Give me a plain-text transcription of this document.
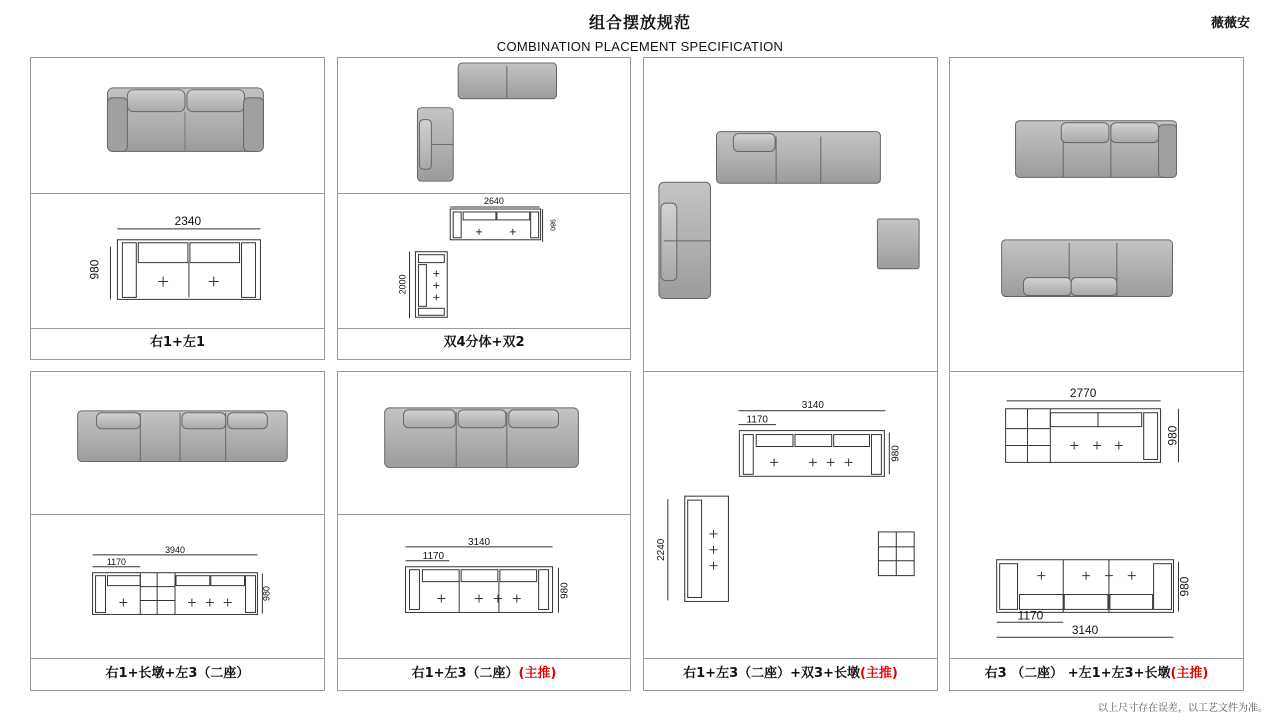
组合摆放规范
COMBINATION PLACEMENT SPECIFICATION
薇薇安
2340
980
右1+左1
2640
980
2000
双4分体+双2
3140
1170
980
2240
右1+左3（二座）+双3+长墩(主推)
2770
980
1170
3140
980
右3 （二座） +左1+左3+长墩(主推)
3940
1170
980
右1+长墩+左3（二座）
3140
1170
980
右1+左3（二座）(主推)
以上尺寸存在误差，以工艺文件为准。
